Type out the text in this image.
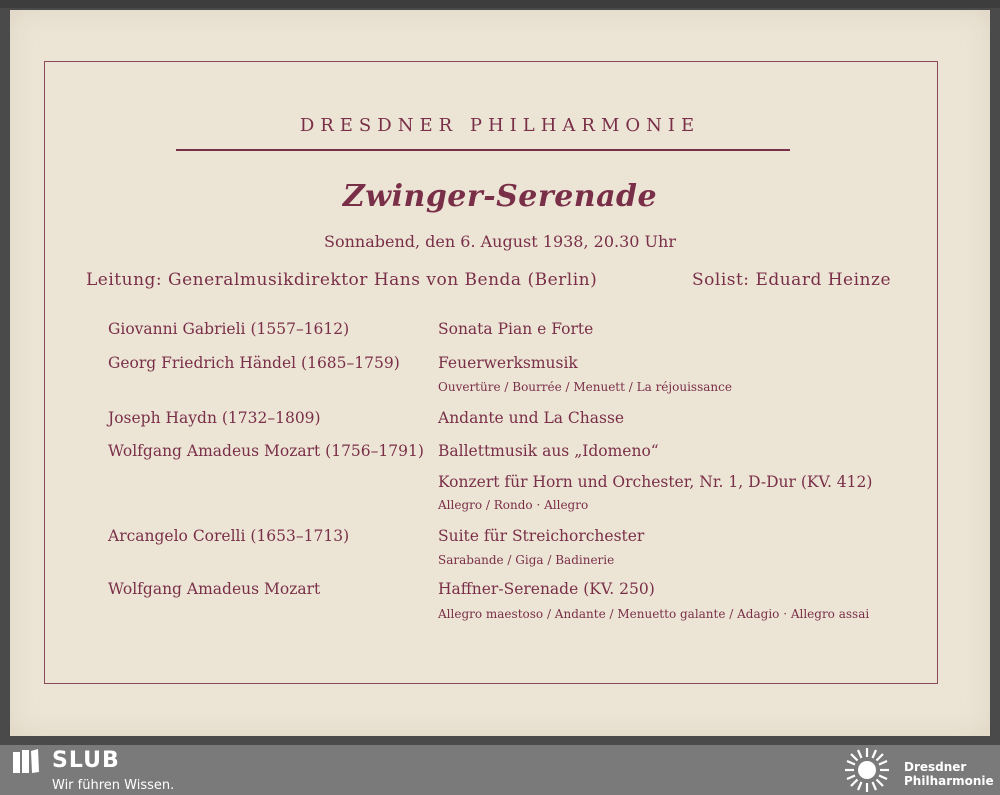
DRESDNER PHILHARMONIE
Zwinger-Serenade
Sonnabend, den 6. August 1938, 20.30 Uhr
Leitung: Generalmusikdirektor Hans von Benda (Berlin)	Solist: Eduard Heinze
Giovanni Gabrieli (1557–1612)	Sonata Pian e Forte
Georg Friedrich Händel (1685–1759) Feuerwerksmusik
Ouvertüre / Bourrée / Menuett / La réjouissance
Joseph Haydn (1732–1809)	Andante und La Chasse
Wolfgang Amadeus Mozart (1756–1791) Ballettmusik aus „Idomeno“
Konzert für Horn und Orchester, Nr. 1, D-Dur (KV. 412)
Allegro / Rondo · Allegro
Arcangelo Corelli (1653–1713)	Suite für Streichorchester
Sarabande / Giga / Badinerie
Wolfgang Amadeus Mozart	Haffner-Serenade (KV. 250)
Allegro maestoso / Andante / Menuetto galante / Adagio · Allegro assai
SLUB
Wir führen Wissen.
Dresdner
Philharmonie
